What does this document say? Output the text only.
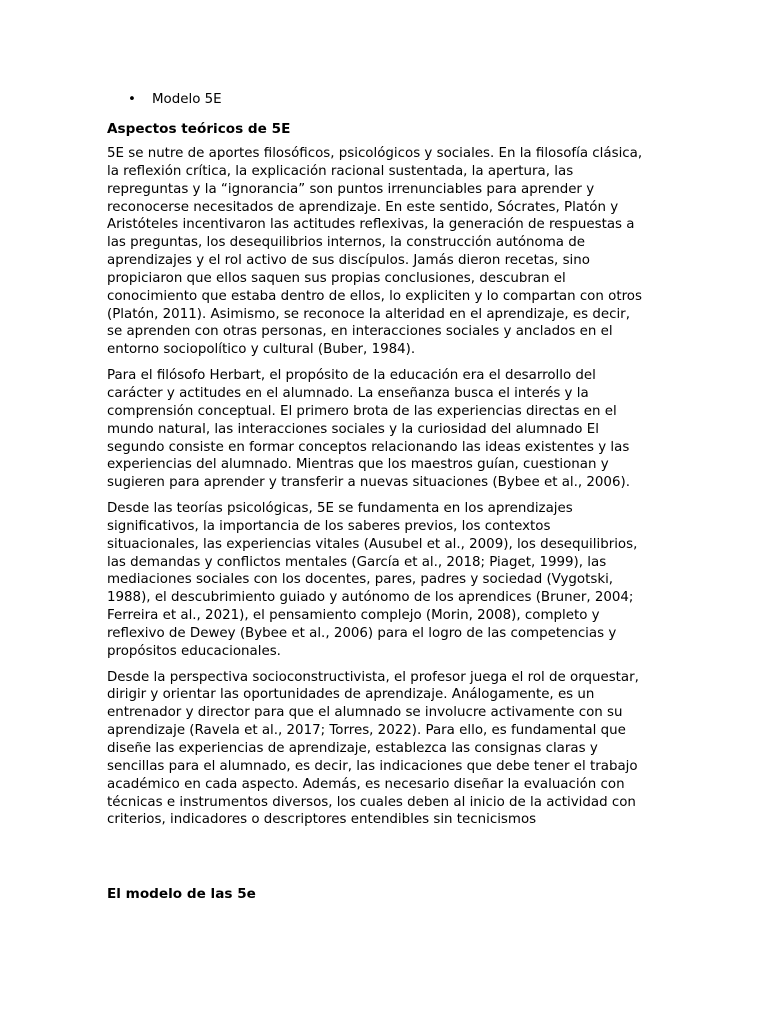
• Modelo 5E
Aspectos teóricos de 5E
5E se nutre de aportes filosóficos, psicológicos y sociales. En la filosofía clásica,
la reflexión crítica, la explicación racional sustentada, la apertura, las
repreguntas y la “ignorancia” son puntos irrenunciables para aprender y
reconocerse necesitados de aprendizaje. En este sentido, Sócrates, Platón y
Aristóteles incentivaron las actitudes reflexivas, la generación de respuestas a
las preguntas, los desequilibrios internos, la construcción autónoma de
aprendizajes y el rol activo de sus discípulos. Jamás dieron recetas, sino
propiciaron que ellos saquen sus propias conclusiones, descubran el
conocimiento que estaba dentro de ellos, lo expliciten y lo compartan con otros
(Platón, 2011). Asimismo, se reconoce la alteridad en el aprendizaje, es decir,
se aprenden con otras personas, en interacciones sociales y anclados en el
entorno sociopolítico y cultural (Buber, 1984).
Para el filósofo Herbart, el propósito de la educación era el desarrollo del
carácter y actitudes en el alumnado. La enseñanza busca el interés y la
comprensión conceptual. El primero brota de las experiencias directas en el
mundo natural, las interacciones sociales y la curiosidad del alumnado El
segundo consiste en formar conceptos relacionando las ideas existentes y las
experiencias del alumnado. Mientras que los maestros guían, cuestionan y
sugieren para aprender y transferir a nuevas situaciones (Bybee et al., 2006).
Desde las teorías psicológicas, 5E se fundamenta en los aprendizajes
significativos, la importancia de los saberes previos, los contextos
situacionales, las experiencias vitales (Ausubel et al., 2009), los desequilibrios,
las demandas y conflictos mentales (García et al., 2018; Piaget, 1999), las
mediaciones sociales con los docentes, pares, padres y sociedad (Vygotski,
1988), el descubrimiento guiado y autónomo de los aprendices (Bruner, 2004;
Ferreira et al., 2021), el pensamiento complejo (Morin, 2008), completo y
reflexivo de Dewey (Bybee et al., 2006) para el logro de las competencias y
propósitos educacionales.
Desde la perspectiva socioconstructivista, el profesor juega el rol de orquestar,
dirigir y orientar las oportunidades de aprendizaje. Análogamente, es un
entrenador y director para que el alumnado se involucre activamente con su
aprendizaje (Ravela et al., 2017; Torres, 2022). Para ello, es fundamental que
diseñe las experiencias de aprendizaje, establezca las consignas claras y
sencillas para el alumnado, es decir, las indicaciones que debe tener el trabajo
académico en cada aspecto. Además, es necesario diseñar la evaluación con
técnicas e instrumentos diversos, los cuales deben al inicio de la actividad con
criterios, indicadores o descriptores entendibles sin tecnicismos
El modelo de las 5e
